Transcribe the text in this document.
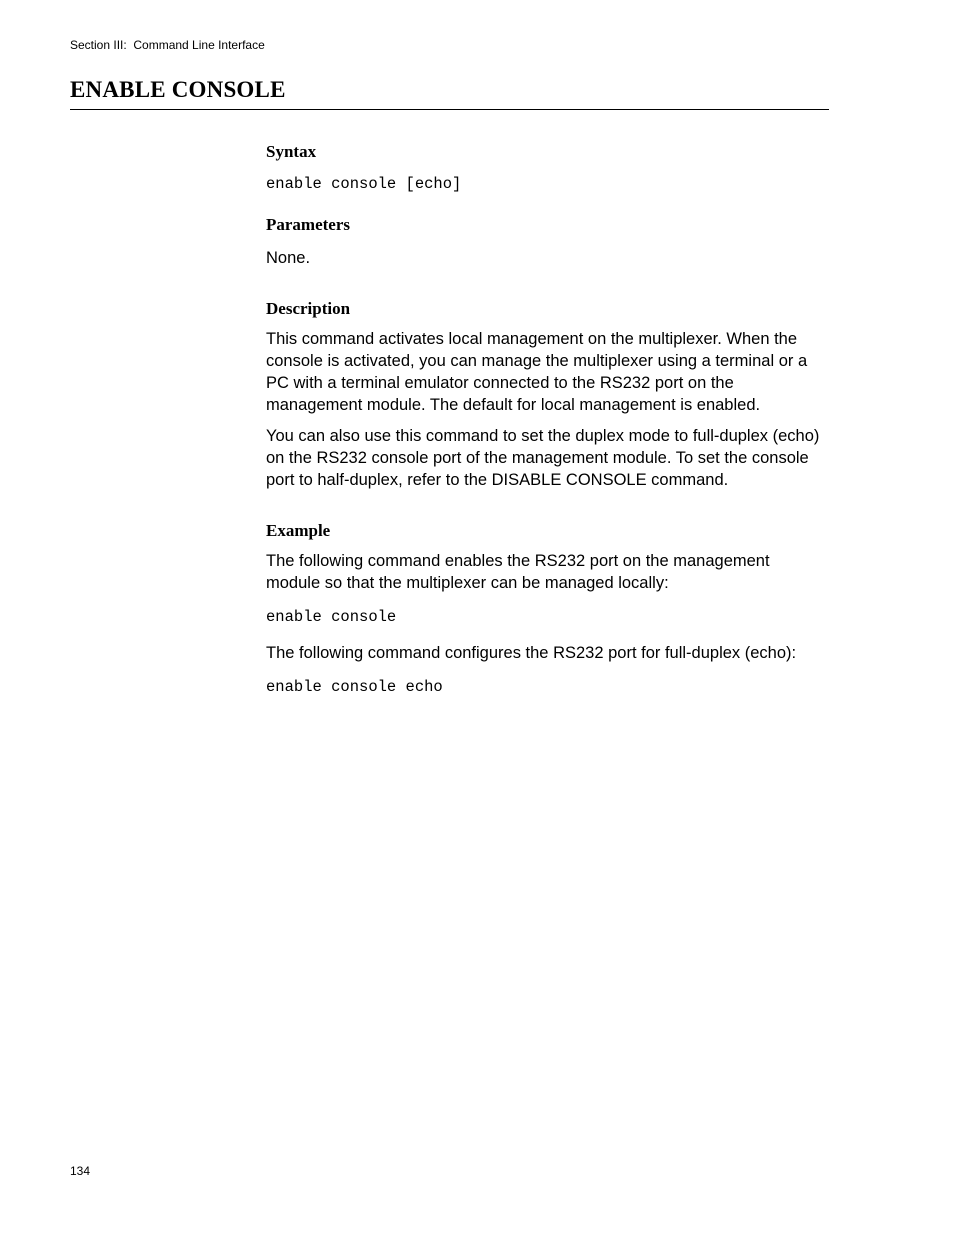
Section III:  Command Line Interface
ENABLE CONSOLE
Syntax
enable console [echo]
Parameters

None.

Description

This command activates local management on the multiplexer. When the console is activated, you can manage the multiplexer using a terminal or a PC with a terminal emulator connected to the RS232 port on the management module. The default for local management is enabled.

You can also use this command to set the duplex mode to full-duplex (echo) on the RS232 console port of the management module. To set the console port to half-duplex, refer to the DISABLE CONSOLE command.

Example

The following command enables the RS232 port on the management module so that the multiplexer can be managed locally:

enable console

The following command configures the RS232 port for full-duplex (echo):

enable console echo
134
